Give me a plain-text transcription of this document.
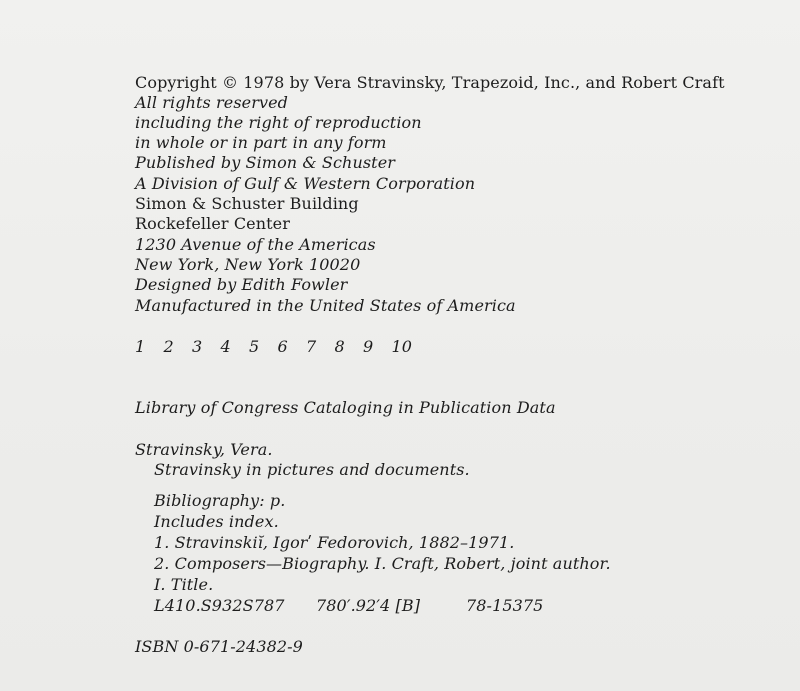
Copyright © 1978 by Vera Stravinsky, Trapezoid, Inc., and Robert Craft
All rights reserved
including the right of reproduction
in whole or in part in any form
Published by Simon & Schuster
A Division of Gulf & Western Corporation
Simon & Schuster Building
Rockefeller Center
1230 Avenue of the Americas
New York, New York 10020
Designed by Edith Fowler
Manufactured in the United States of America
1 2 3 4 5 6 7 8 9 10
Library of Congress Cataloging in Publication Data
Stravinsky, Vera.
Stravinsky in pictures and documents.
Bibliography: p.
Includes index.
1. Stravinskiĭ, Igorʹ Fedorovich, 1882–1971.
2. Composers—Biography. I. Craft, Robert, joint author.
I. Title.
L410.S932S787 780′.92′4 [B]	78-15375
ISBN 0-671-24382-9
